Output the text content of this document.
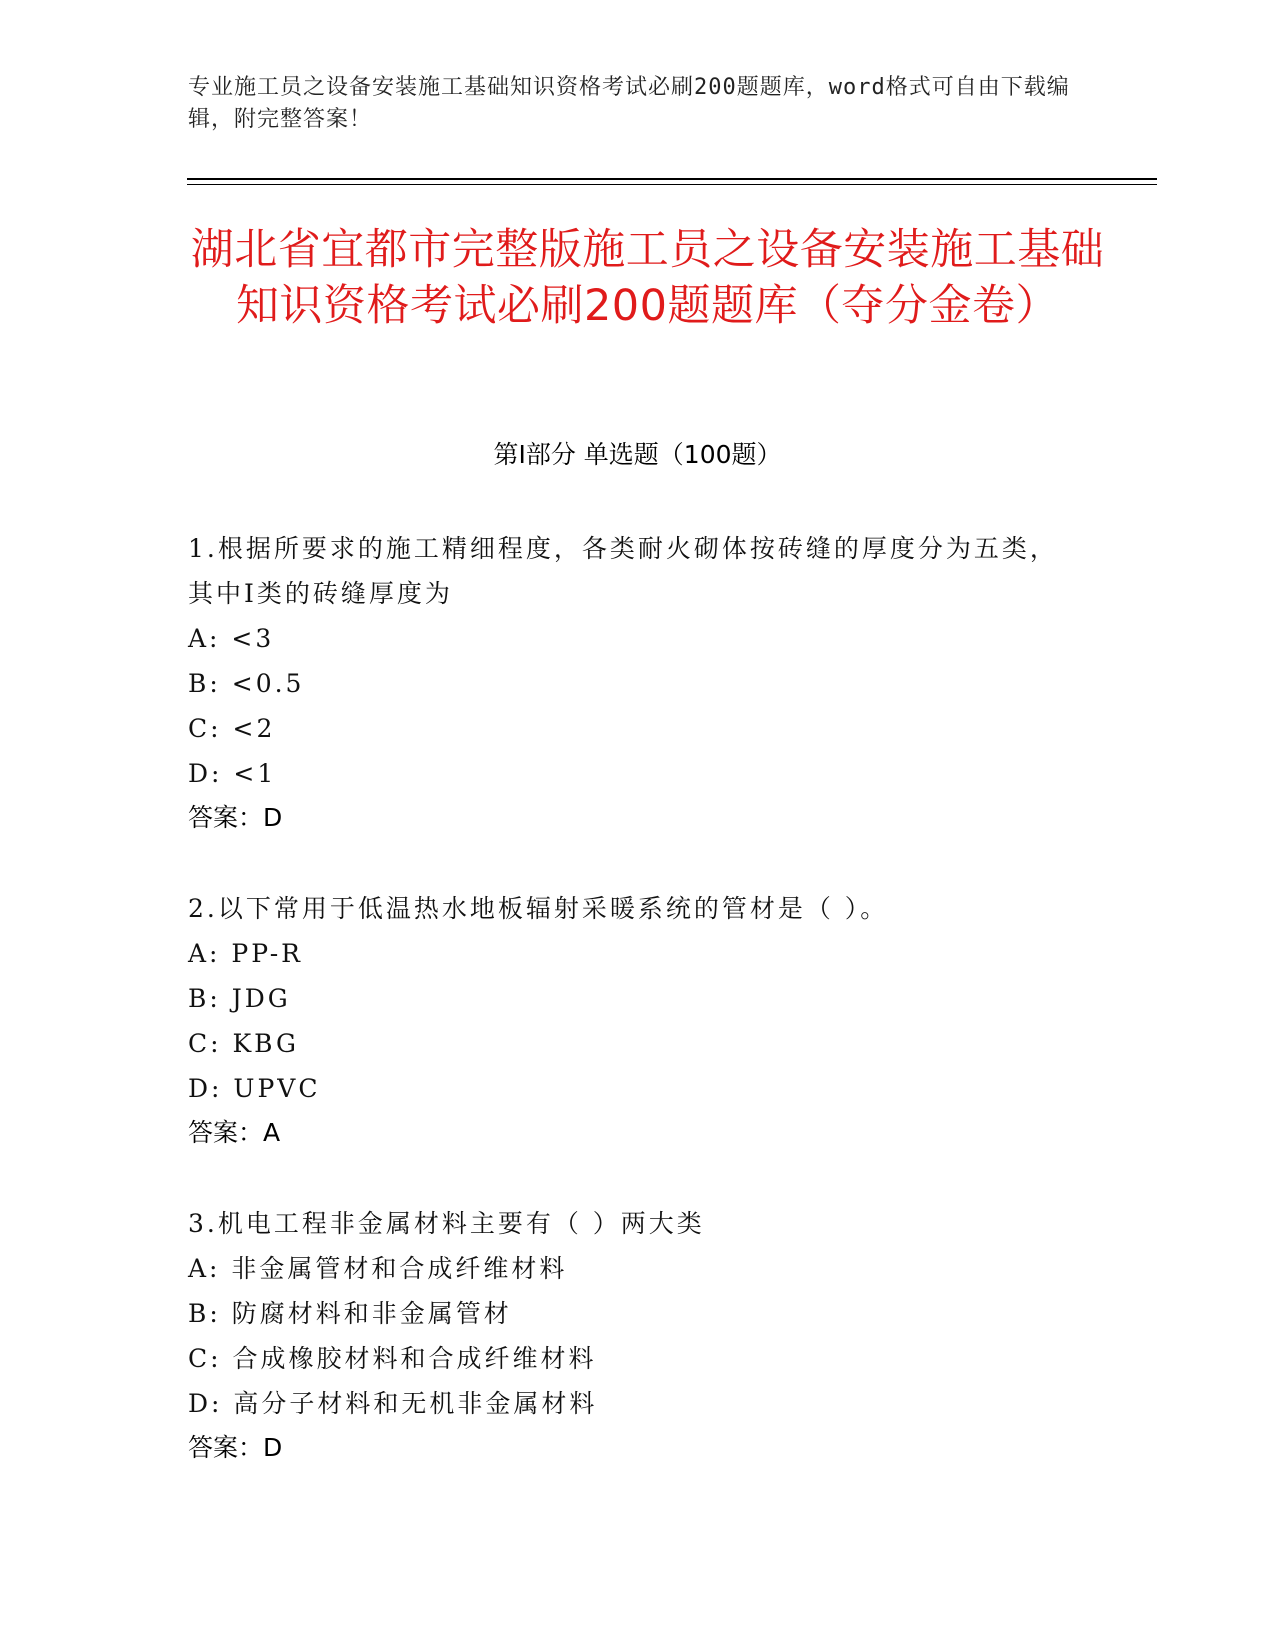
专业施工员之设备安装施工基础知识资格考试必刷200题题库，word格式可自由下载编辑，附完整答案！
湖北省宜都市完整版施工员之设备安装施工基础知识资格考试必刷200题题库（夺分金卷）
第Ⅰ部分 单选题（100题）
1.根据所要求的施工精细程度，各类耐火砌体按砖缝的厚度分为五类，其中Ⅰ类的砖缝厚度为
A: <3
B: <0.5
C: <2
D: <1
答案：D
2.以下常用于低温热水地板辐射采暖系统的管材是（ ）。
A: PP-R
B: JDG
C: KBG
D: UPVC
答案：A
3.机电工程非金属材料主要有（ ）两大类
A: 非金属管材和合成纤维材料
B: 防腐材料和非金属管材
C: 合成橡胶材料和合成纤维材料
D: 高分子材料和无机非金属材料
答案：D
